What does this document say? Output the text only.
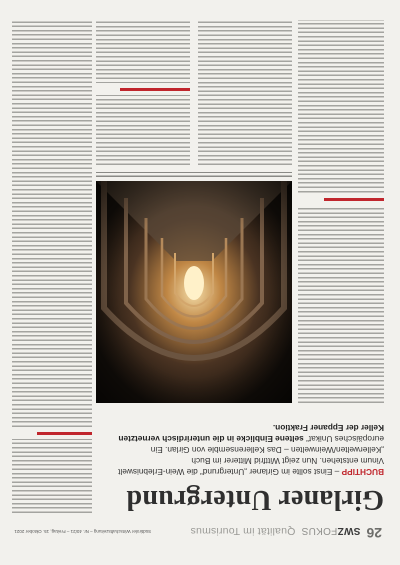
26
SWZ
FOKUS
Qualität im Tourismus
Südtiroler Wirtschaftszeitung – Nr. 40/21 – Freitag, 15. Oktober 2021
Girlaner Untergrund
BUCHTIPP – Einst sollte im Girlaner „Untergrund“ die Wein-Erlebniswelt Vinum entstehen. Nun zeigt Wittfrid Mitterer im Buch „Kellerwelten/Weinwelten – Das Kellerensemble von Girlan. Ein europäisches Unikat“ seltene Einblicke in die unterirdisch vernetzten Keller der Eppaner Fraktion.
